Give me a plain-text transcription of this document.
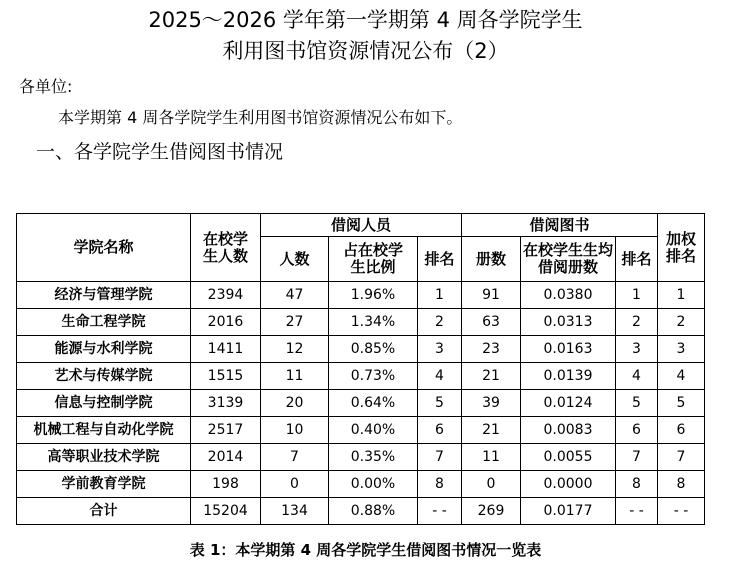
2025～2026 学年第一学期第 4 周各学院学生
利用图书馆资源情况公布（2）
各单位:
本学期第 4 周各学院学生利用图书馆资源情况公布如下。
一、各学院学生借阅图书情况
学院名称	在校学生人数	借阅人员			借阅图书			加权排名

		人数	占在校学生比例	排名	册数	在校学生生均借阅册数	排名	
经济与管理学院	2394	47	1.96%	1	91	0.0380	1	1
生命工程学院	2016	27	1.34%	2	63	0.0313	2	2
能源与水利学院	1411	12	0.85%	3	23	0.0163	3	3
艺术与传媒学院	1515	11	0.73%	4	21	0.0139	4	4
信息与控制学院	3139	20	0.64%	5	39	0.0124	5	5
机械工程与自动化学院	2517	10	0.40%	6	21	0.0083	6	6
高等职业技术学院	2014	7	0.35%	7	11	0.0055	7	7
学前教育学院	198	0	0.00%	8	0	0.0000	8	8
合计	15204	134	0.88%	- -	269	0.0177	- -	- -
表 1：本学期第 4 周各学院学生借阅图书情况一览表
